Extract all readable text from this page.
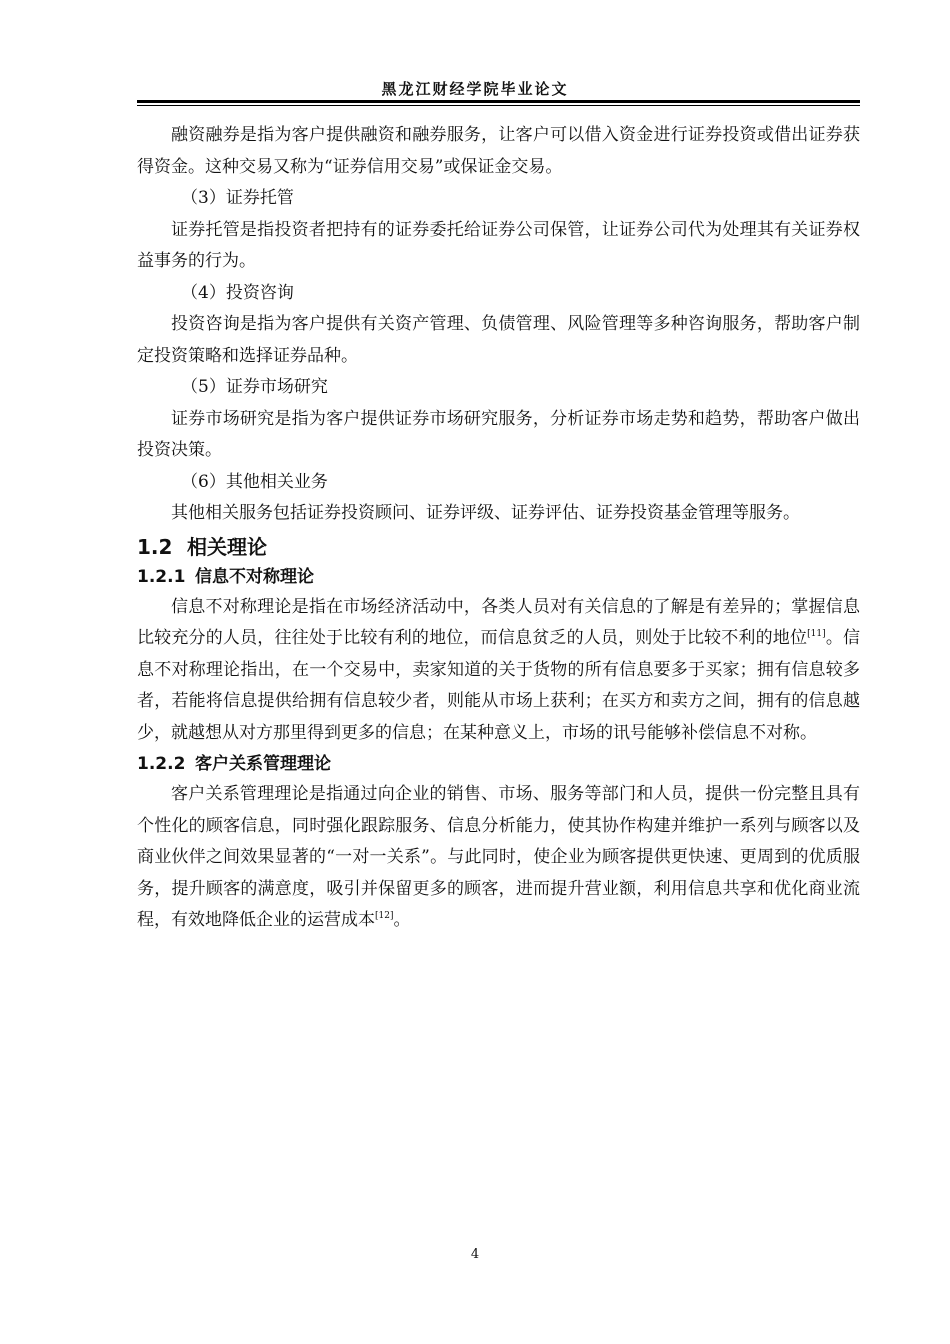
黑龙江财经学院毕业论文

融资融券是指为客户提供融资和融券服务，让客户可以借入资金进行证券投资或借出证券获得资金。这种交易又称为“证券信用交易”或保证金交易。

（3）证券托管

证券托管是指投资者把持有的证券委托给证券公司保管，让证券公司代为处理其有关证券权益事务的行为。

（4）投资咨询

投资咨询是指为客户提供有关资产管理、负债管理、风险管理等多种咨询服务，帮助客户制定投资策略和选择证券品种。

（5）证券市场研究

证券市场研究是指为客户提供证券市场研究服务，分析证券市场走势和趋势，帮助客户做出投资决策。

（6）其他相关业务

其他相关服务包括证券投资顾问、证券评级、证券评估、证券投资基金管理等服务。

1.2 相关理论
1.2.1 信息不对称理论

信息不对称理论是指在市场经济活动中，各类人员对有关信息的了解是有差异的；掌握信息比较充分的人员，往往处于比较有利的地位，而信息贫乏的人员，则处于比较不利的地位[11]。信息不对称理论指出，在一个交易中，卖家知道的关于货物的所有信息要多于买家；拥有信息较多者，若能将信息提供给拥有信息较少者，则能从市场上获利；在买方和卖方之间，拥有的信息越少，就越想从对方那里得到更多的信息；在某种意义上，市场的讯号能够补偿信息不对称。

1.2.2 客户关系管理理论

客户关系管理理论是指通过向企业的销售、市场、服务等部门和人员，提供一份完整且具有个性化的顾客信息，同时强化跟踪服务、信息分析能力，使其协作构建并维护一系列与顾客以及商业伙伴之间效果显著的“一对一关系”。与此同时，使企业为顾客提供更快速、更周到的优质服务，提升顾客的满意度，吸引并保留更多的顾客，进而提升营业额，利用信息共享和优化商业流程，有效地降低企业的运营成本[12]。

4
